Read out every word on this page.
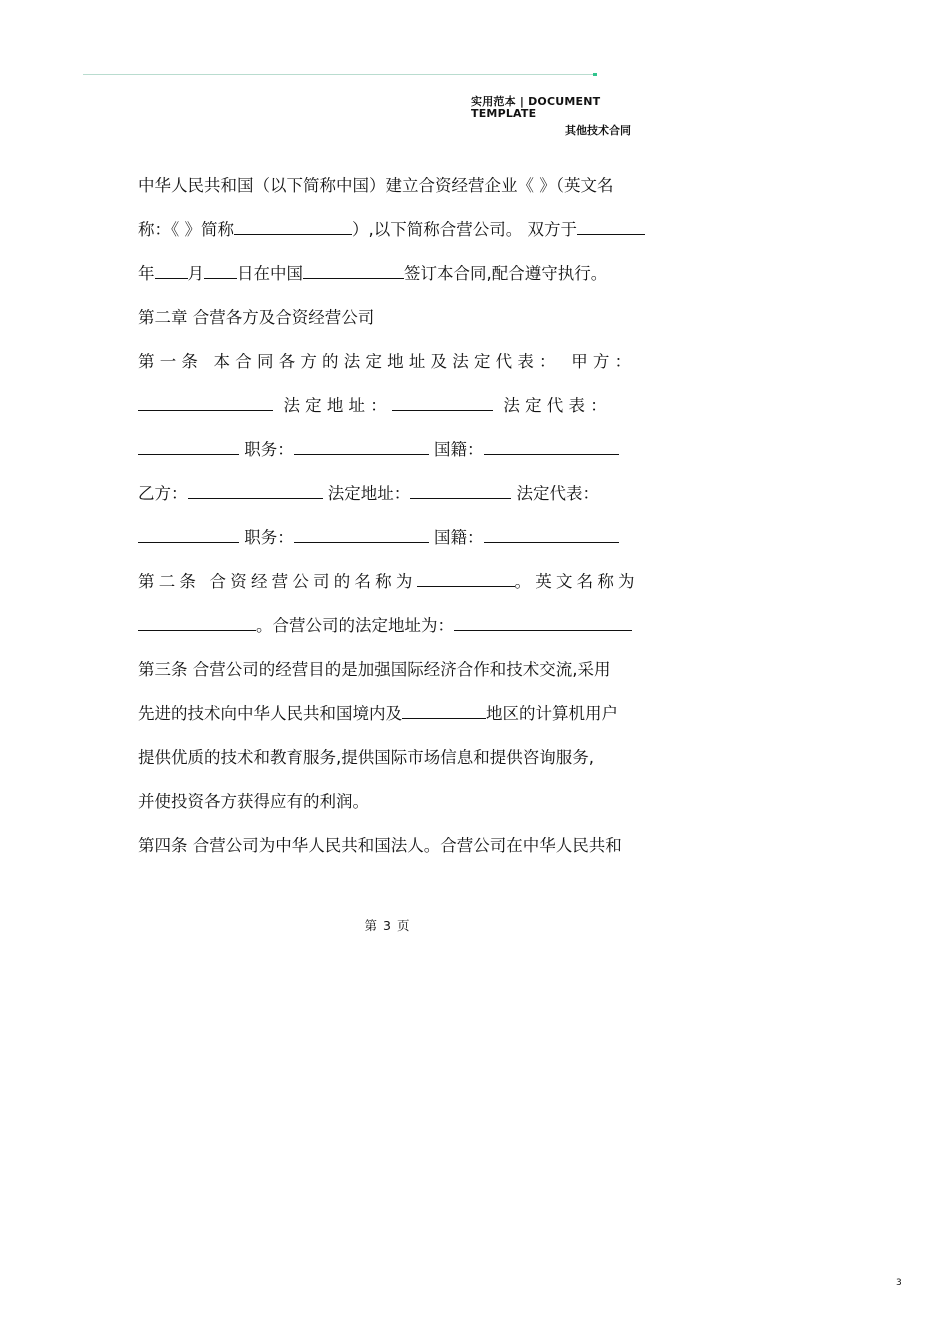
实用范本 | DOCUMENT TEMPLATE
其他技术合同
中华人民共和国（以下简称中国）建立合资经营企业《 》（英文名
称：《 》简称	）,以下简称合营公司。 双方于
年 月 日在中国	签订本合同,配合遵守执行。
第二章 合营各方及合资经营公司
第一条 本合同各方的法定地址及法定代表： 甲方：
法定地址：	法定代表：
职务：	国籍：
乙方：	法定地址：	法定代表：
职务：	国籍：
第二条 合资经营公司的名称为	。英文名称为
。合营公司的法定地址为：
第三条 合营公司的经营目的是加强国际经济合作和技术交流,采用
先进的技术向中华人民共和国境内及	地区的计算机用户
提供优质的技术和教育服务,提供国际市场信息和提供咨询服务,
并使投资各方获得应有的利润。
第四条 合营公司为中华人民共和国法人。合营公司在中华人民共和
第 3 页
3
